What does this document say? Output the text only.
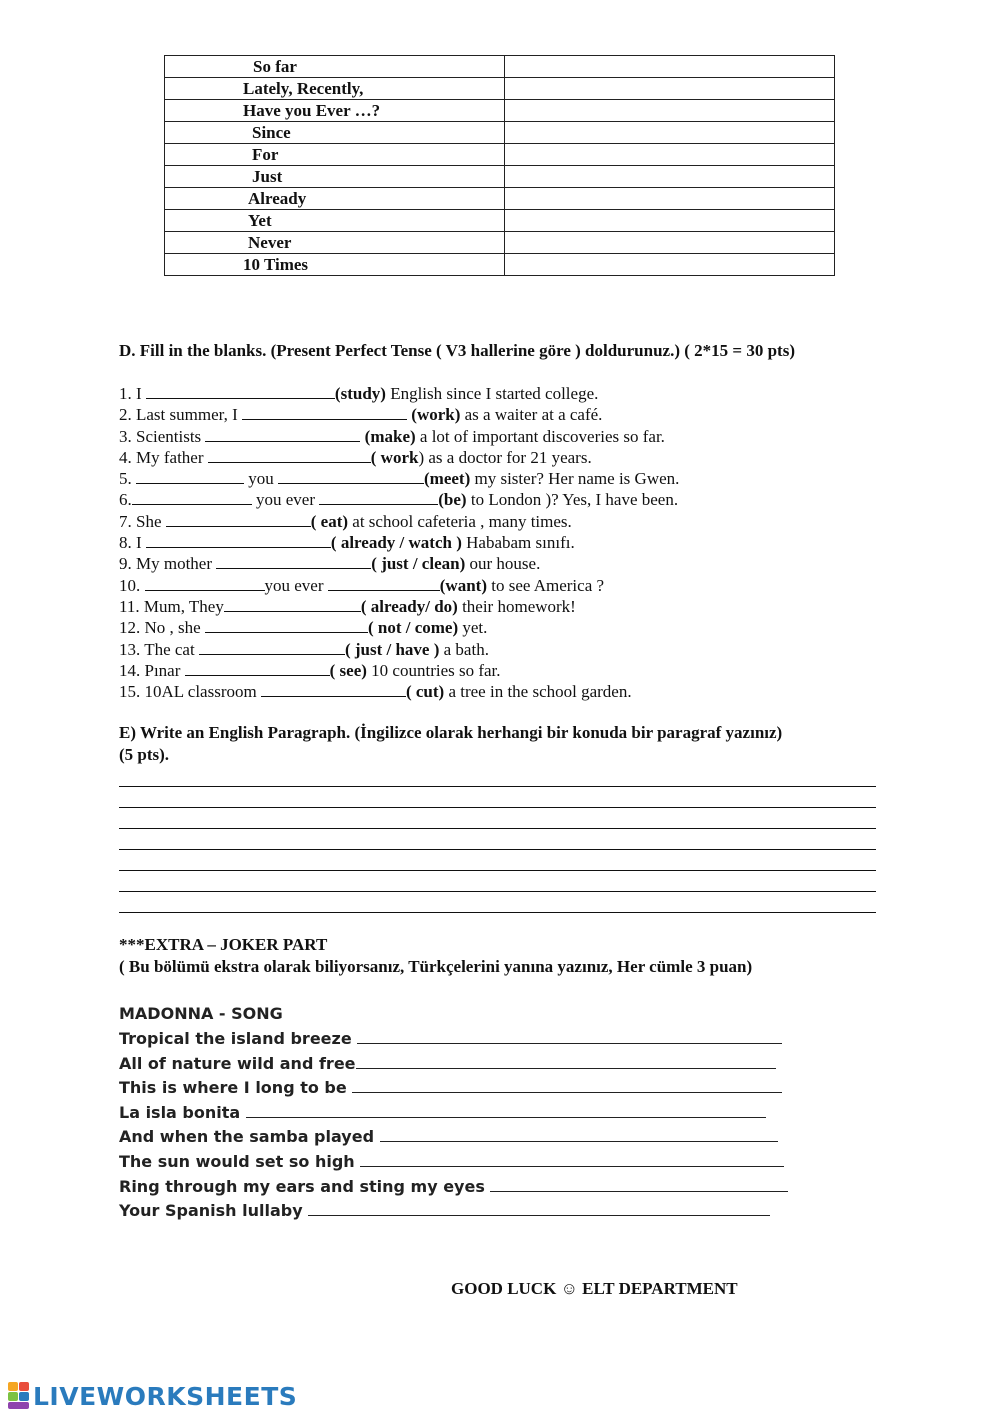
So far	
Lately, Recently,	
Have you Ever …?	
Since	
For	
Just	
Already	
Yet	
Never	
10 Times	
D. Fill in the blanks. (Present Perfect Tense ( V3 hallerine göre ) doldurunuz.) ( 2*15 = 30 pts)
1. I	(study) English since I started college.
2. Last summer, I	(work) as a waiter at a café.
3. Scientists	(make) a lot of important discoveries so far.
4. My father	( work) as a doctor for 21 years.
5.	you	(meet) my sister? Her name is Gwen.
6.	you ever	(be) to London )? Yes, I have been.
7. She	( eat) at school cafeteria , many times.
8. I	( already / watch ) Hababam sınıfı.
9. My mother	( just / clean) our house.
10.	you ever	(want) to see America ?
11. Mum, They	( already/ do) their homework!
12. No , she	( not / come) yet.
13. The cat	( just / have ) a bath.
14. Pınar	( see) 10 countries so far.
15. 10AL classroom	( cut) a tree in the school garden.
E) Write an English Paragraph. (İngilizce olarak herhangi bir konuda bir paragraf yazınız)
(5 pts).
***EXTRA – JOKER PART
( Bu bölümü ekstra olarak biliyorsanız, Türkçelerini yanına yazınız, Her cümle 3 puan)
MADONNA - SONG
Tropical the island breeze
All of nature wild and free
This is where I long to be
La isla bonita
And when the samba played
The sun would set so high
Ring through my ears and sting my eyes
Your Spanish lullaby
GOOD LUCK ☺ ELT DEPARTMENT
LIVEWORKSHEETS
